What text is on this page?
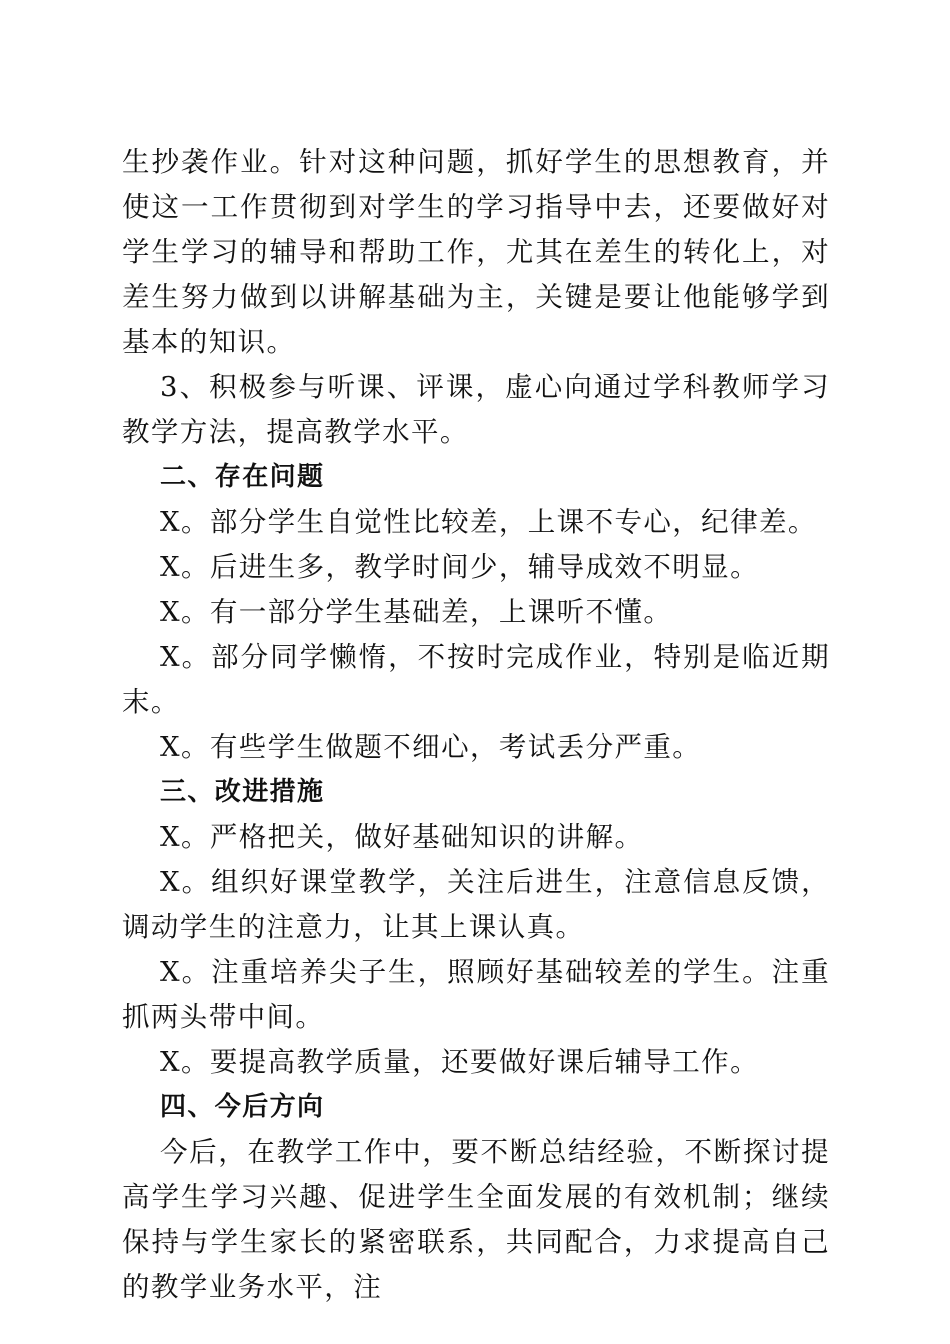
生抄袭作业。针对这种问题，抓好学生的思想教育，并使这一工作贯彻到对学生的学习指导中去，还要做好对学生学习的辅导和帮助工作，尤其在差生的转化上，对差生努力做到以讲解基础为主，关键是要让他能够学到基本的知识。

3、积极参与听课、评课，虚心向通过学科教师学习教学方法，提高教学水平。

二、存在问题

X。部分学生自觉性比较差，上课不专心，纪律差。

X。后进生多，教学时间少，辅导成效不明显。

X。有一部分学生基础差，上课听不懂。

X。部分同学懒惰，不按时完成作业，特别是临近期末。

X。有些学生做题不细心，考试丢分严重。

三、改进措施

X。严格把关，做好基础知识的讲解。

X。组织好课堂教学，关注后进生，注意信息反馈，调动学生的注意力，让其上课认真。

X。注重培养尖子生，照顾好基础较差的学生。注重抓两头带中间。

X。要提高教学质量，还要做好课后辅导工作。

四、今后方向

今后，在教学工作中，要不断总结经验，不断探讨提高学生学习兴趣、促进学生全面发展的有效机制；继续保持与学生家长的紧密联系，共同配合，力求提高自己的教学业务水平，注
